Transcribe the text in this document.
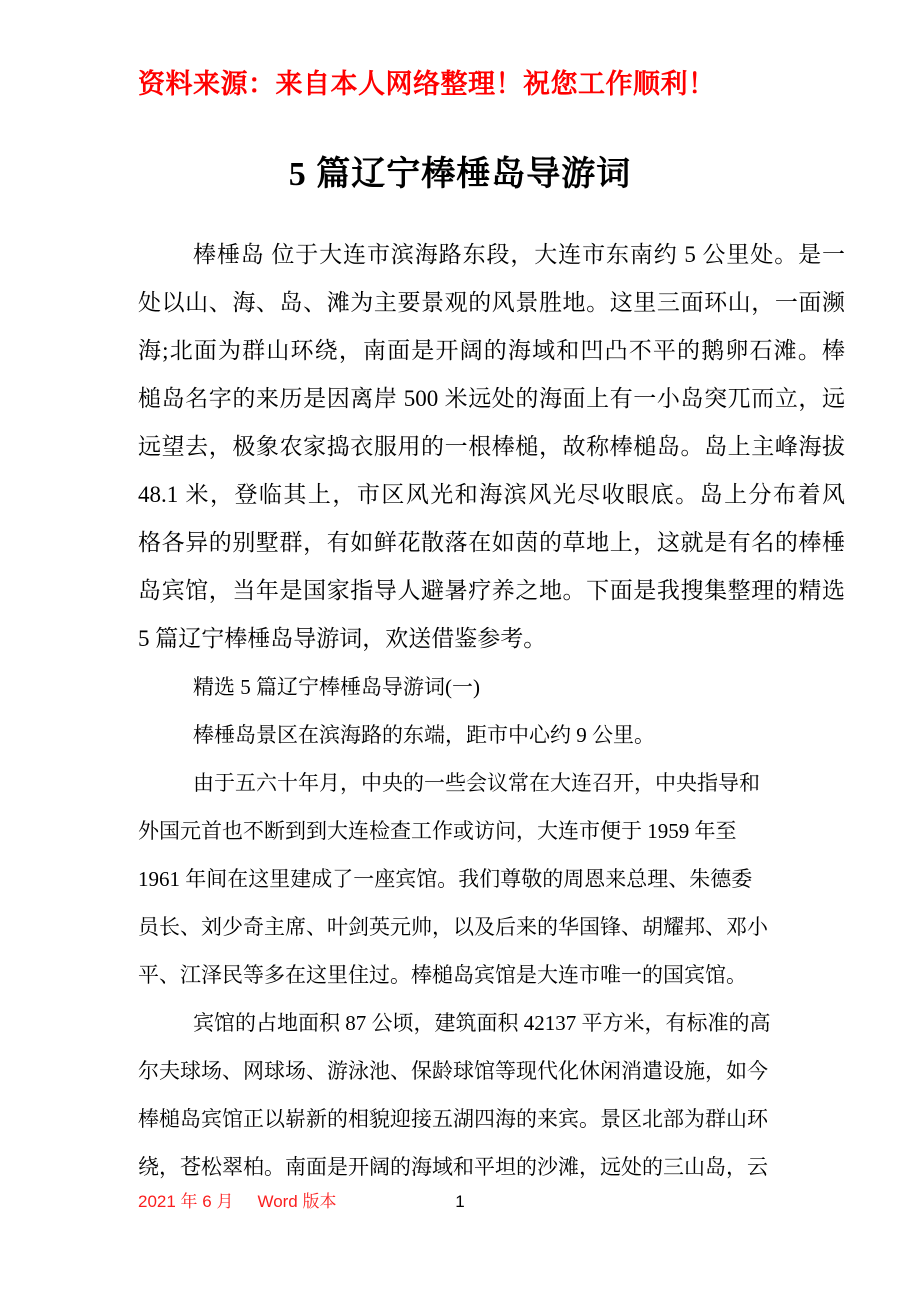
资料来源：来自本人网络整理！祝您工作顺利！
5 篇辽宁棒棰岛导游词
棒棰岛 位于大连市滨海路东段，大连市东南约 5 公里处。是一
处以山、海、岛、滩为主要景观的风景胜地。这里三面环山，一面濒
海;北面为群山环绕，南面是开阔的海域和凹凸不平的鹅卵石滩。棒
槌岛名字的来历是因离岸 500 米远处的海面上有一小岛突兀而立，远
远望去，极象农家捣衣服用的一根棒槌，故称棒槌岛。岛上主峰海拔
48.1 米，登临其上，市区风光和海滨风光尽收眼底。岛上分布着风
格各异的别墅群，有如鲜花散落在如茵的草地上，这就是有名的棒棰
岛宾馆，当年是国家指导人避暑疗养之地。下面是我搜集整理的精选
5 篇辽宁棒棰岛导游词，欢送借鉴参考。
精选 5 篇辽宁棒棰岛导游词(一)
棒棰岛景区在滨海路的东端，距市中心约 9 公里。
由于五六十年月，中央的一些会议常在大连召开，中央指导和
外国元首也不断到到大连检查工作或访问，大连市便于 1959 年至
1961 年间在这里建成了一座宾馆。我们尊敬的周恩来总理、朱德委
员长、刘少奇主席、叶剑英元帅，以及后来的华国锋、胡耀邦、邓小
平、江泽民等多在这里住过。棒槌岛宾馆是大连市唯一的国宾馆。
宾馆的占地面积 87 公顷，建筑面积 42137 平方米，有标准的高
尔夫球场、网球场、游泳池、保龄球馆等现代化休闲消遣设施，如今
棒槌岛宾馆正以崭新的相貌迎接五湖四海的来宾。景区北部为群山环
绕，苍松翠柏。南面是开阔的海域和平坦的沙滩，远处的三山岛，云
2021 年 6 月 Word 版本	1
